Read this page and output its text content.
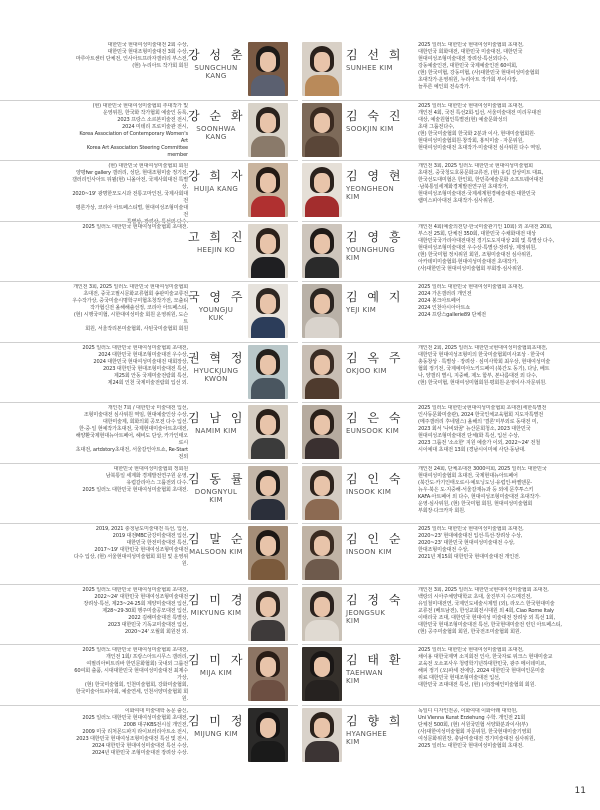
대한민국 현대여성미술대전 2회 수상,
대한민국 현대조형미술대전 3회 수상,
마루아트센터 단체전, 인사아트프라자갤러리 부스전,
(현) 누리아트 작가회 회원
강 성 춘
SUNGCHUN
KANG
(현) 대한민국 현대여성미술협회 추대작가 및
운영위원, 한국화 작가협회 예술인 등록,
2023 프랑스 소르본미술전 전시,
2024 미테리 프로미술관 전시,
Korea Association of Contemporary Women's Art
Korea Art Association Steering Committee member
강 순 화
SOONHWA
KANG
(현) 대한민국 현대여성미술협회 회원
양평fwr gallery 갤러리, 성단, 현대조형미술 정기전,
갤러리인사아트 뒤뮐(현) 니올아전, 국제사회대전 특별상,
2020~19' 광명한모도시과 전통고마인전, 국제사회대전
평론가상, 코리아 아트페스티벌, 현대여성조형미술대전
특별상, 장려상, 특선외 다수.
강 희 자
HUIJA KANG
2025 일러노 대한민국 현대여성미술협회 초대전.
고 희 진
HEEJIN KO
개인전 3회, 2025 일러노 대한민국 현대여성미술협회
초대전, 중국고필시문화교류협회 송판미술교류전
우수작가상, 중국미술시명학구미협초청작가전, 모출티
작가협신전 올해해솔선정, 코리아 아트페스티,
(현) 시행국미협, 시한대여성미술 회원 운영위원, 도슨트
회원, 서울작리본미술협회, 사된국미술협회 회원
국 영 주
YOUNGJU
KUK
2025 일러노 대한민국 현대여성미술협회 초대전,
2024 대한민국 현대조형미술대전 우수상,
2024 대한민국 현대여성미술대전 대회장상,
2023 대한민국 현대조형미술대전 특선,
제25회 안동 국제미술전람회 특선,
제24회 인천 국제미술전람회 입선 외.
권 혁 정
HYUCKJUNG
KWON
개인전 7회 / 대한민국 미술대전 입선,
조형미술대전 심사위원 역임, 현대예술인상 수상,
대한미술제, 회화의회 공모전 다수 입선.
한·중·일 현예작가초대전, 국제현대미술아트초대전,
해양환국제현대뉴아트페어, 헤비도 단상, 카가인태오로시
초대전, artdstory초대전, 서울갈인아트쇼, Re-Start전외
김 남 임
NAMIM KIM
대한민국 현대여성미술협회 정회원
남북통일 세계화 경제발전연구원 운영,
유럽갈리아스 그룹전외 다수.
2025 일러노 대한민국 현대여성미술협회 초대전.
김 동 률
DONGNYUL
KIM
2019, 2021 충청남도미술대전 특선, 입선,
2019 대전MBC금강미술대전 입선,
대한민국 한전미술대전 특선,
2017~19' 대한민국 현대여성조형미술대전
다수 입상, (현) 서울현대여성미술협회 회원 및 운영위원.
김 말 순
MALSOON KIM
2025 일러노 대한민국 현대여성미술협회 초대전,
2022~24' 대한민국 현대여성조형미술대전
장려상·특선, 제23~24·25회 계양미술대전 입선,
제28~29·30회 행주미술공모대전 입선,
2022 김해미술대전 특별상,
2023 대한민국 기독교미술대전 입선,
2020~24' 오월회 회원전 외.
김 미 경
MIKYUNG KIM
2025 일러노 대한민국 현대여성미술협회 초대전,
개인전 1회/ 프랑스아트시무스 갤러리,
여필리아비트리바 한민문화협회) 국내외 그룹전
60여회 출품, 시대대한민국 현대여성미술대전 최제수가상,
(현) 한국미술협회, 인천미술협회, 강화미술협회,
한국미술아트피아회, 예술연세, 인천서양미술협회 회원.
김 미 자
MIJA KIM
이화여대 미술대학 동문 출신,
2025 일러노 대한민국 현대여성미술협회 초대전,
2008 대구KBS전시실 개인전,
2009 미국 리처몬드파지 라이브러리아트소 전시,
2023 대한민국 현대여성조형미술대전 특선 및 전시,
2024 대한민국 현대여성미술대전 특선 수상,
2024년 대한민국 조형미술대전 장려상 수상.
김 미 정
MIJUNG KIM
2025 일러노 대한민국 현대여성미술협회 초대전,
대한민국 회화대전, 대한민국 미술대전, 대한민국
현대여성조형미술대전 장려상·특선외다수,
강동예술인전, 대한민국 국제예술인전 60여회,
(현) 한국미협, 강동미협, (사)대한민국 현대여성미술협회
초대작가·운영위원, 누리아트 작가회 부이사장,
늘푸른 예인회 전속작가.
김 선 희
SUNHEE KIM
2025 일러노 대한민국 현대여성미술협회 초대전,
개인전 4회, 국전 특선2회·입선, 서울미술대전 미리무대전
대상, 예술원협인특별전(현) 예술문화성의
초대 그룹전다수,
(현) 한국미술협회 한국화 2분과 이사, 현대미술협회원·
현대여성미술협회원·창작회, 홍익미술 · 자문위원,
현대여성미술대전 초대작가·미술대전 심사위원 다수 역임,
김 숙 진
SOOKJIN KIM
개인전 3회, 2025 일러노 대한민국 현대여성미술협회
초대전, 중국청도호풍문화교류전, (현) 유림 갈상미트 대표,
한국선도대미협은 한인회, 한민족예술문화 소프트웨어대전
·남북통일세계화경제발전연구원 초대작가,
현대여성조형미술대전·국제세계현경예술대전·대한민국
랩미스피아대전 초대작가·심사위원.
김 영 현
YEONGHEON
KIM
개인전 4회(예술의전당·한국미술관기인 10회) 외 초대전 20회,
부스전 25회, 단체전 350회, 대한민국 수채화대전 대상
대한민국국가리아대전대전 경기도도지대상 2회 및 특별상 다수,
현대여성조형미술대전 우수상·특별상·장려상, 제정위원,
(현) 한국미협 정치위원 회원, 조형미술대전 심사위원,
아카데미미술협회·현대여성미술대전 초대작가,
(사)대한민국 현대여성미술협회 부회장·심사위원.
김 영 흥
YOUNGHUNG
KIM
2025 일러노 대한민국 현대여성미술협회 초대전,
2024 가온갤러리 개인전
2024 봉크아트페어
2024 인천아시아아트쇼
2024 프랑스gallerie89 단체전
김 예 지
YEJI KIM
개인전 2회, 2025 일러노 대한민국현대여성미술협회초대전,
대한민국 현대여성조형미의 한국미술협회미사포상 · 한국여
총동창상 · 특별상 · 장려상 · 심미사학회 최우상, 현대여성미술
협회 정기전, 국제예미아노키드페여 (북간도 동기), 다낭, 베트
나, 양갤리 별시, 지중해, 제노 함부, 본나름대전 외 다수,
(현) 한국미협, 현대여성미협회원·평회원·운영이사·자문위원.
김 옥 주
OKJOO KIM
2025 일러노 대한민국현대여성미술협회 초대전(세한특별전
인사동문화미술관), 2024 한국인체교육협회 지도자특별전
(메주갤러리 후네델스) 올해의 '결론'미부외로 동대전 미,
2023 회서 '나비와꿈' 뉴산문회청소, 2023 대한민국
현대여성조형미술대전 단체(화 특선, 입선 수상,
2023 그룹전 '소소한' 지원 예술가 이외, 2022~24' 전철
시이예대 초대전 13회 (경남시이미예 사단·동남대.
김 은 숙
EUNSOOK KIM
개인전 24회, 단체초대전 3000여회, 2025 일러노 대한민국
현대여성미술협회 초대전, 국제현대뉴아트페어
(북간도·카기인태오로시·예토닝도닝·유럽인·바젤덴문·
뉴우·북은 도·지중해·서울갈재뉴과 등 외에 문후투스키
KAFA·아트페어 외 다수, 현대여성조형미술대전 초대작가·
운영·심사위원, (현) 한국미협 회원, 현대여성미술협회
부회장·다크카자 회원.
김 인 숙
INSOOK KIM
2025 일러노 대한민국 현대여성미술협회 초대전,
2020~23' 현대예술대전 입선·특선·장려상 수상,
2020~23' 대한민국 현대여성미술대전 수상,
한대조형미술대전 수상,
2021년 제15회 대한민국 현대미술대전 개인전.
김 인 순
INSOON KIM
개인전 3회, 2025 일러노 대한민국현대여성미술협회 초대전,
백랑의 시아주체양대학교 초대, 울진부지 수드메진전,
유일철미대전연, 국제인도네술시제빌 (외), 라오스 한국현대미술
교류전 (베트남전), 한성교회전시대원 외 4회, Ciao Rome Italy
이태리국 조대, 대한민국 현대여성 미술대전 장려상 외 특선 1회,
대한민국 현대조형미술대전 특선, 한국현대미술전 런던 아트페스티,
(현) 공주미술협회 회원, 한국전조미술협회 회원.
김 정 숙
JEONGSUK
KIM
2025 일러노 대한민국 현대여성미술협회 초대전,
채이용 대한국제역 소지회전 인사, 한국자료 위크스 현대미술교
교육전 오소포사우 청령학기년하대한민국, 광주 메이데미르,
해피 정기 (오)파세 전에당, 2024 대한민국 현대여인문미술
위료 대한민국 현대조형미술대전 입선,
대한민국 조대대전 특선, (현) (사)장예인미술협회 회원.
김 태 환
TAEHWAN
KIM
독일디 디자인전공, 이화여대 이화아래 대학원,
Uni Vienna Kunst Erziehung 수학. 개인전 21회
단체전 500회, (현) 서원국민협 서양화분과이사(부)
(사)대한여성미술협회 자문위원, 한국현대미술기영회
여성문화위원장, 충남미술대전 경기미술대전 심사위원,
2025 일러노 대한민국 현대여성미술협회 초대전.
김 향 희
HYANGHEE
KIM
11
